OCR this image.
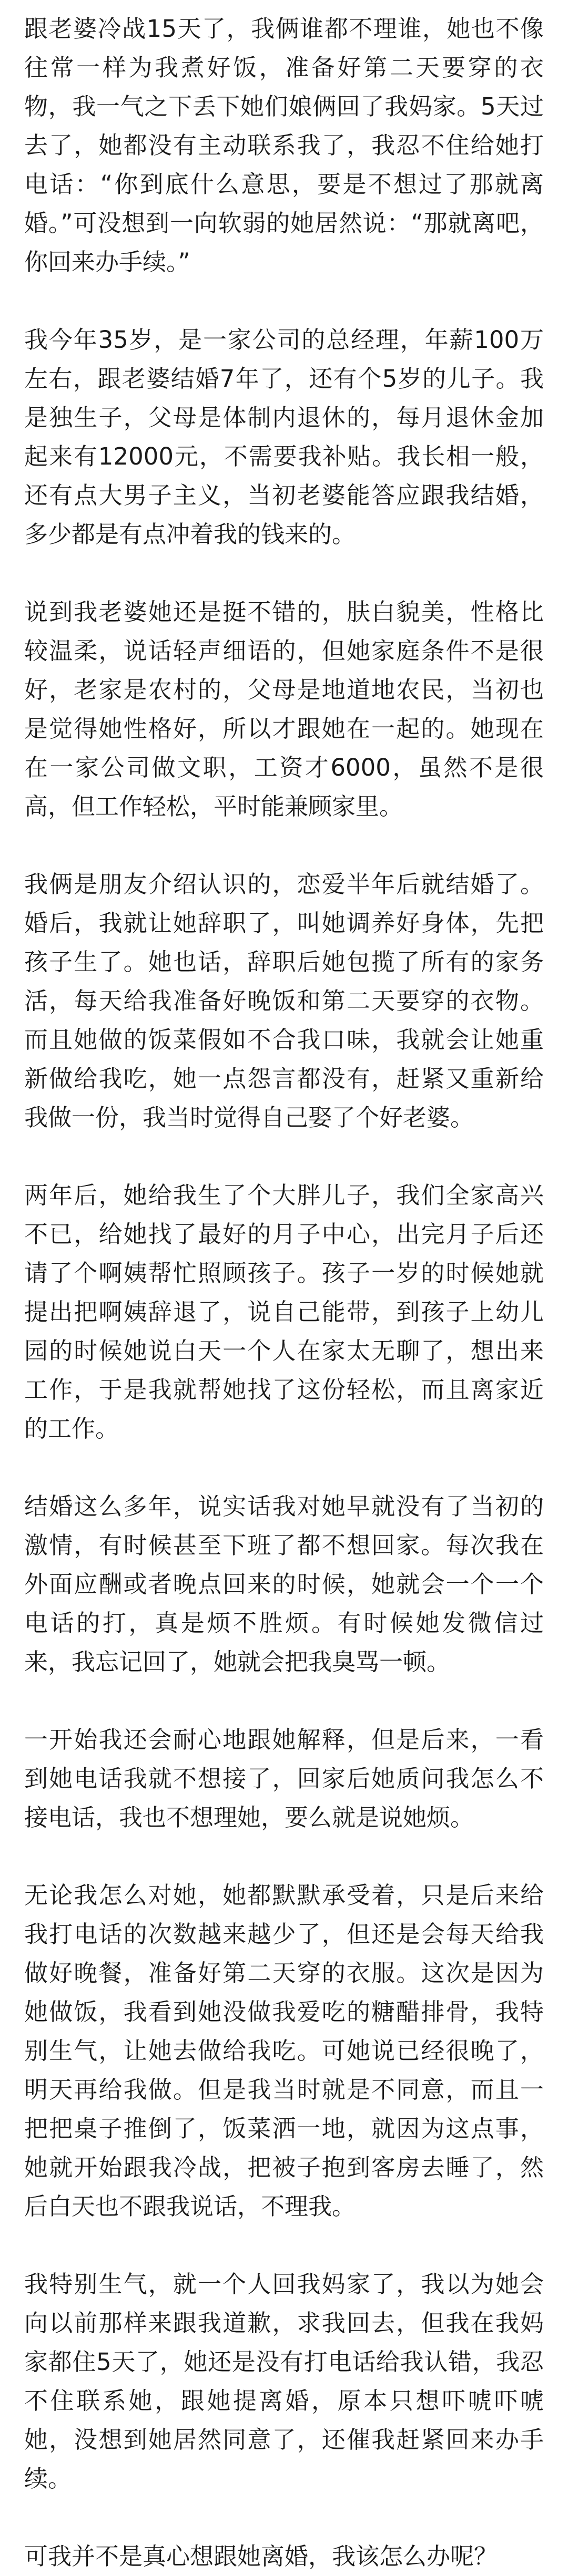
跟老婆冷战15天了，我俩谁都不理谁，她也不像往常一样为我煮好饭，准备好第二天要穿的衣物，我一气之下丢下她们娘俩回了我妈家。5天过去了，她都没有主动联系我了，我忍不住给她打电话：“你到底什么意思，要是不想过了那就离婚。”可没想到一向软弱的她居然说：“那就离吧，你回来办手续。”

我今年35岁，是一家公司的总经理，年薪100万左右，跟老婆结婚7年了，还有个5岁的儿子。我是独生子，父母是体制内退休的，每月退休金加起来有12000元，不需要我补贴。我长相一般，还有点大男子主义，当初老婆能答应跟我结婚，多少都是有点冲着我的钱来的。

说到我老婆她还是挺不错的，肤白貌美，性格比较温柔，说话轻声细语的，但她家庭条件不是很好，老家是农村的，父母是地道地农民，当初也是觉得她性格好，所以才跟她在一起的。她现在在一家公司做文职，工资才6000，虽然不是很高，但工作轻松，平时能兼顾家里。

我俩是朋友介绍认识的，恋爱半年后就结婚了。婚后，我就让她辞职了，叫她调养好身体，先把孩子生了。她也话，辞职后她包揽了所有的家务活，每天给我准备好晚饭和第二天要穿的衣物。而且她做的饭菜假如不合我口味，我就会让她重新做给我吃，她一点怨言都没有，赶紧又重新给我做一份，我当时觉得自己娶了个好老婆。

两年后，她给我生了个大胖儿子，我们全家高兴不已，给她找了最好的月子中心，出完月子后还请了个啊姨帮忙照顾孩子。孩子一岁的时候她就提出把啊姨辞退了，说自己能带，到孩子上幼儿园的时候她说白天一个人在家太无聊了，想出来工作，于是我就帮她找了这份轻松，而且离家近的工作。

结婚这么多年，说实话我对她早就没有了当初的激情，有时候甚至下班了都不想回家。每次我在外面应酬或者晚点回来的时候，她就会一个一个电话的打，真是烦不胜烦。有时候她发微信过来，我忘记回了，她就会把我臭骂一顿。

一开始我还会耐心地跟她解释，但是后来，一看到她电话我就不想接了，回家后她质问我怎么不接电话，我也不想理她，要么就是说她烦。

无论我怎么对她，她都默默承受着，只是后来给我打电话的次数越来越少了，但还是会每天给我做好晚餐，准备好第二天穿的衣服。这次是因为她做饭，我看到她没做我爱吃的糖醋排骨，我特别生气，让她去做给我吃。可她说已经很晚了，明天再给我做。但是我当时就是不同意，而且一把把桌子推倒了，饭菜洒一地，就因为这点事，她就开始跟我冷战，把被子抱到客房去睡了，然后白天也不跟我说话，不理我。

我特别生气，就一个人回我妈家了，我以为她会向以前那样来跟我道歉，求我回去，但我在我妈家都住5天了，她还是没有打电话给我认错，我忍不住联系她，跟她提离婚，原本只想吓唬吓唬她，没想到她居然同意了，还催我赶紧回来办手续。

可我并不是真心想跟她离婚，我该怎么办呢？
